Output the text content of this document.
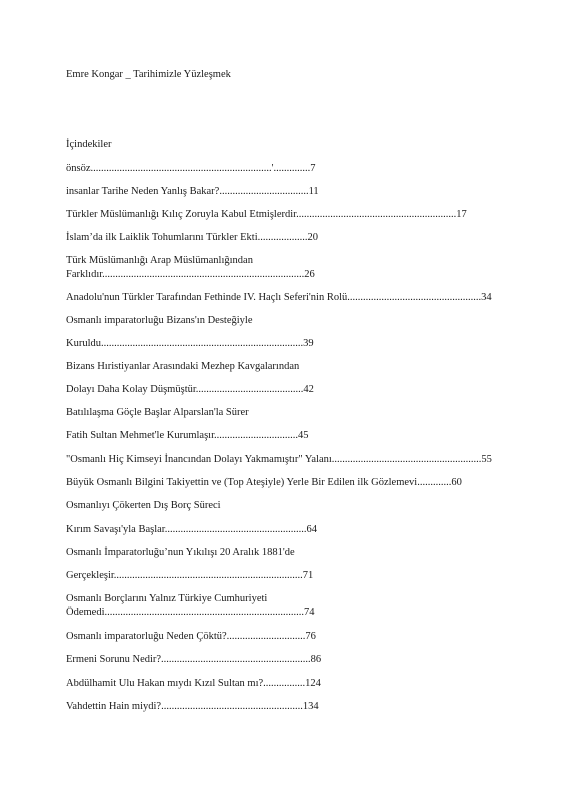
Emre Kongar _ Tarihimizle Yüzleşmek
İçindekiler
önsöz.....................................................................'..............7
insanlar Tarihe Neden Yanlış Bakar?..................................11
Türkler Müslümanlığı Kılıç Zoruyla Kabul Etmişlerdir.............................................................17
İslam’da ilk Laiklik Tohumlarını Türkler Ekti...................20
Türk Müslümanlığı Arap Müslümanlığından
Farklıdır.............................................................................26
Anadolu'nun Türkler Tarafından Fethinde IV. Haçlı Seferi'nin Rolü...................................................34
Osmanlı imparatorluğu Bizans'ın Desteğiyle
Kuruldu.............................................................................39
Bizans Hıristiyanlar Arasındaki Mezhep Kavgalarından
Dolayı Daha Kolay Düşmüştür.........................................42
Batılılaşma Göçle Başlar Alparslan'la Sürer
Fatih Sultan Mehmet'le Kurumlaşır................................45
"Osmanlı Hiç Kimseyi İnancından Dolayı Yakmamıştır" Yalanı.........................................................55
Büyük Osmanlı Bilgini Takiyettin ve (Top Ateşiyle) Yerle Bir Edilen ilk Gözlemevi.............60
Osmanlıyı Çökerten Dış Borç Süreci
Kırım Savaşı'yla Başlar......................................................64
Osmanlı İmparatorluğu’nun Yıkılışı 20 Aralık 1881'de
Gerçekleşir........................................................................71
Osmanlı Borçlarını Yalnız Türkiye Cumhuriyeti
Ödemedi............................................................................74
Osmanlı imparatorluğu Neden Çöktü?..............................76
Ermeni Sorunu Nedir?.........................................................86
Abdülhamit Ulu Hakan mıydı Kızıl Sultan mı?................124
Vahdettin Hain miydi?......................................................134
